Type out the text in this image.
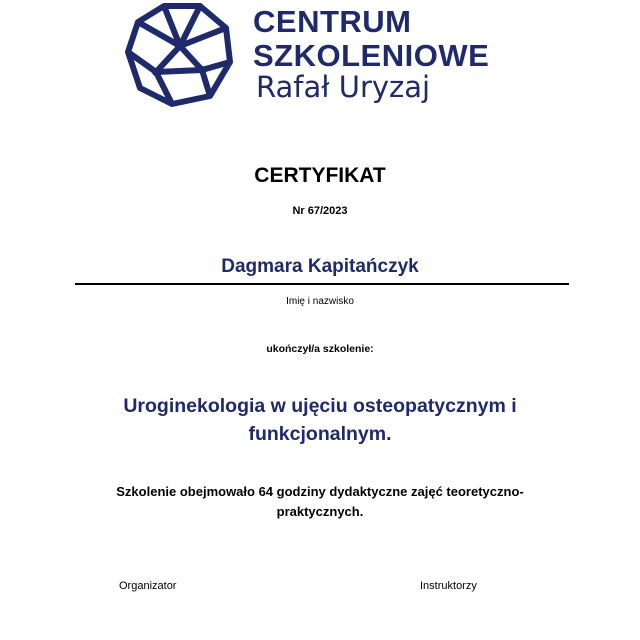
CENTRUM
SZKOLENIOWE
Rafał Uryzaj
CERTYFIKAT
Nr 67/2023
Dagmara Kapitańczyk
Imię i nazwisko
ukończył/a szkolenie:
Uroginekologia w ujęciu osteopatycznym i funkcjonalnym.
Szkolenie obejmowało 64 godziny dydaktyczne zajęć teoretyczno-praktycznych.
Organizator	Instruktorzy
